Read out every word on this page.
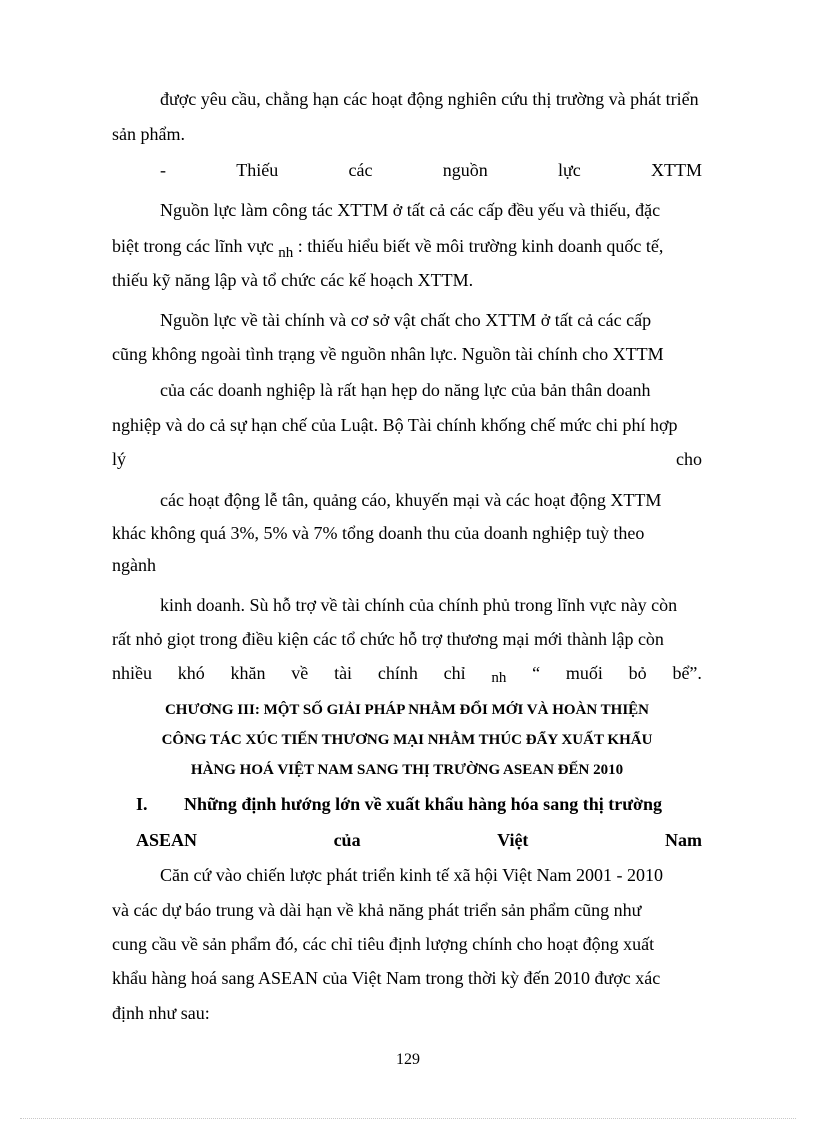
được yêu cầu, chẳng hạn các hoạt động nghiên cứu thị trường và phát triển
sản phẩm.
-	Thiếu	các	nguồn	lực	XTTM
Nguồn lực làm công tác XTTM ở tất cả các cấp đều yếu và thiếu, đặc
biệt trong các lĩnh vực $_{nh}$ : thiếu hiểu biết về môi trường kinh doanh quốc tế,
thiếu kỹ năng lập và tổ chức các kế hoạch XTTM.
Nguồn lực về tài chính và cơ sở vật chất cho XTTM ở tất cả các cấp
cũng không ngoài tình trạng về nguồn nhân lực. Nguồn tài chính cho XTTM
của các doanh nghiệp là rất hạn hẹp do năng lực của bản thân doanh
nghiệp và do cả sự hạn chế của Luật. Bộ Tài chính khống chế mức chi phí hợp
lý	cho
các hoạt động lễ tân, quảng cáo, khuyến mại và các hoạt động XTTM
khác không quá 3%, 5% và 7% tổng doanh thu của doanh nghiệp tuỳ theo
ngành
kinh doanh. Sù hỗ trợ về tài chính của chính phủ trong lĩnh vực này còn
rất nhỏ giọt trong điều kiện các tổ chức hỗ trợ thương mại mới thành lập còn
nhiều khó khăn về tài chính chỉ nh “ muối bỏ bể”.
CHƯƠNG III: MỘT SỐ GIẢI PHÁP NHẰM ĐỔI MỚI VÀ HOÀN THIỆN
CÔNG TÁC XÚC TIẾN THƯƠNG MẠI NHẰM THÚC ĐẨY XUẤT KHẨU
HÀNG HOÁ VIỆT NAM SANG THỊ TRƯỜNG ASEAN ĐẾN 2010
I. Những định hướng lớn về xuất khẩu hàng hóa sang thị trường
ASEAN	của	Việt	Nam
Căn cứ vào chiến lược phát triển kinh tế xã hội Việt Nam 2001 - 2010
và các dự báo trung và dài hạn về khả năng phát triển sản phẩm cũng như
cung cầu về sản phẩm đó, các chỉ tiêu định lượng chính cho hoạt động xuất
khẩu hàng hoá sang ASEAN của Việt Nam trong thời kỳ đến 2010 được xác
định như sau:
129
